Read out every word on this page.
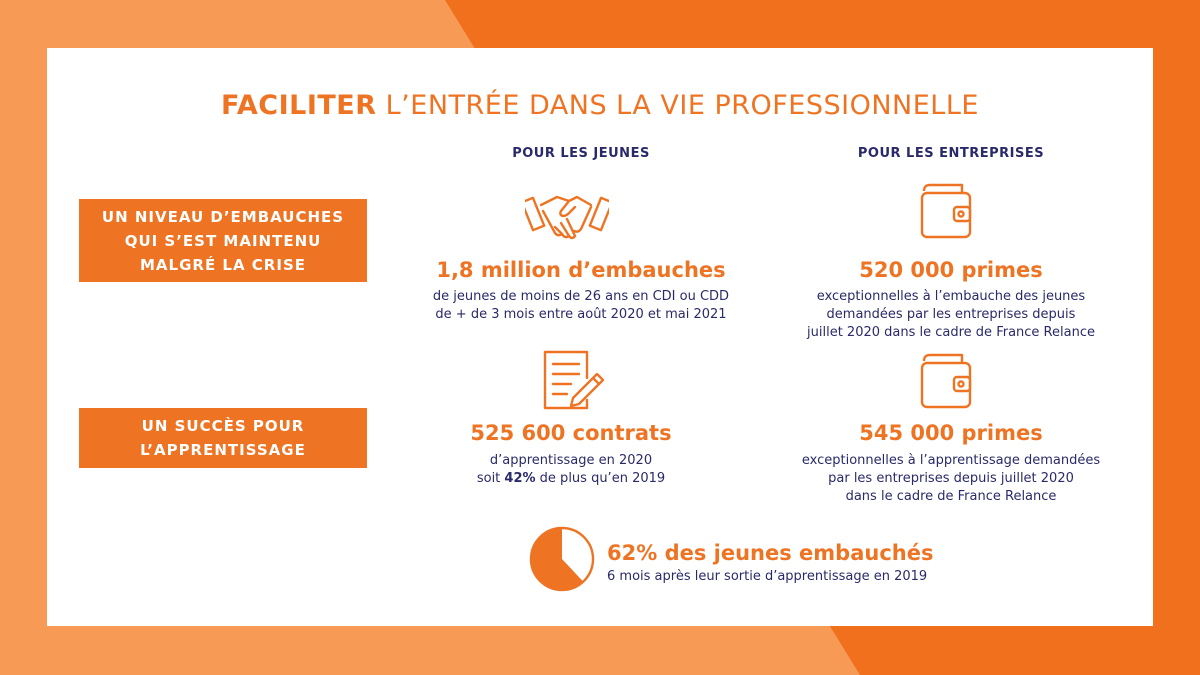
FACILITER L’ENTRÉE DANS LA VIE PROFESSIONNELLE
POUR LES JEUNES	POUR LES ENTREPRISES
UN NIVEAU D’EMBAUCHES
QUI S’EST MAINTENU
MALGRÉ LA CRISE
UN SUCCÈS POUR
L’APPRENTISSAGE
1,8 million d’embauches
de jeunes de moins de 26 ans en CDI ou CDD
de + de 3 mois entre août 2020 et mai 2021
520 000 primes
exceptionnelles à l’embauche des jeunes
demandées par les entreprises depuis
juillet 2020 dans le cadre de France Relance
525 600 contrats
d’apprentissage en 2020
soit 42% de plus qu’en 2019
545 000 primes
exceptionnelles à l’apprentissage demandées
par les entreprises depuis juillet 2020
dans le cadre de France Relance
62% des jeunes embauchés
6 mois après leur sortie d’apprentissage en 2019
